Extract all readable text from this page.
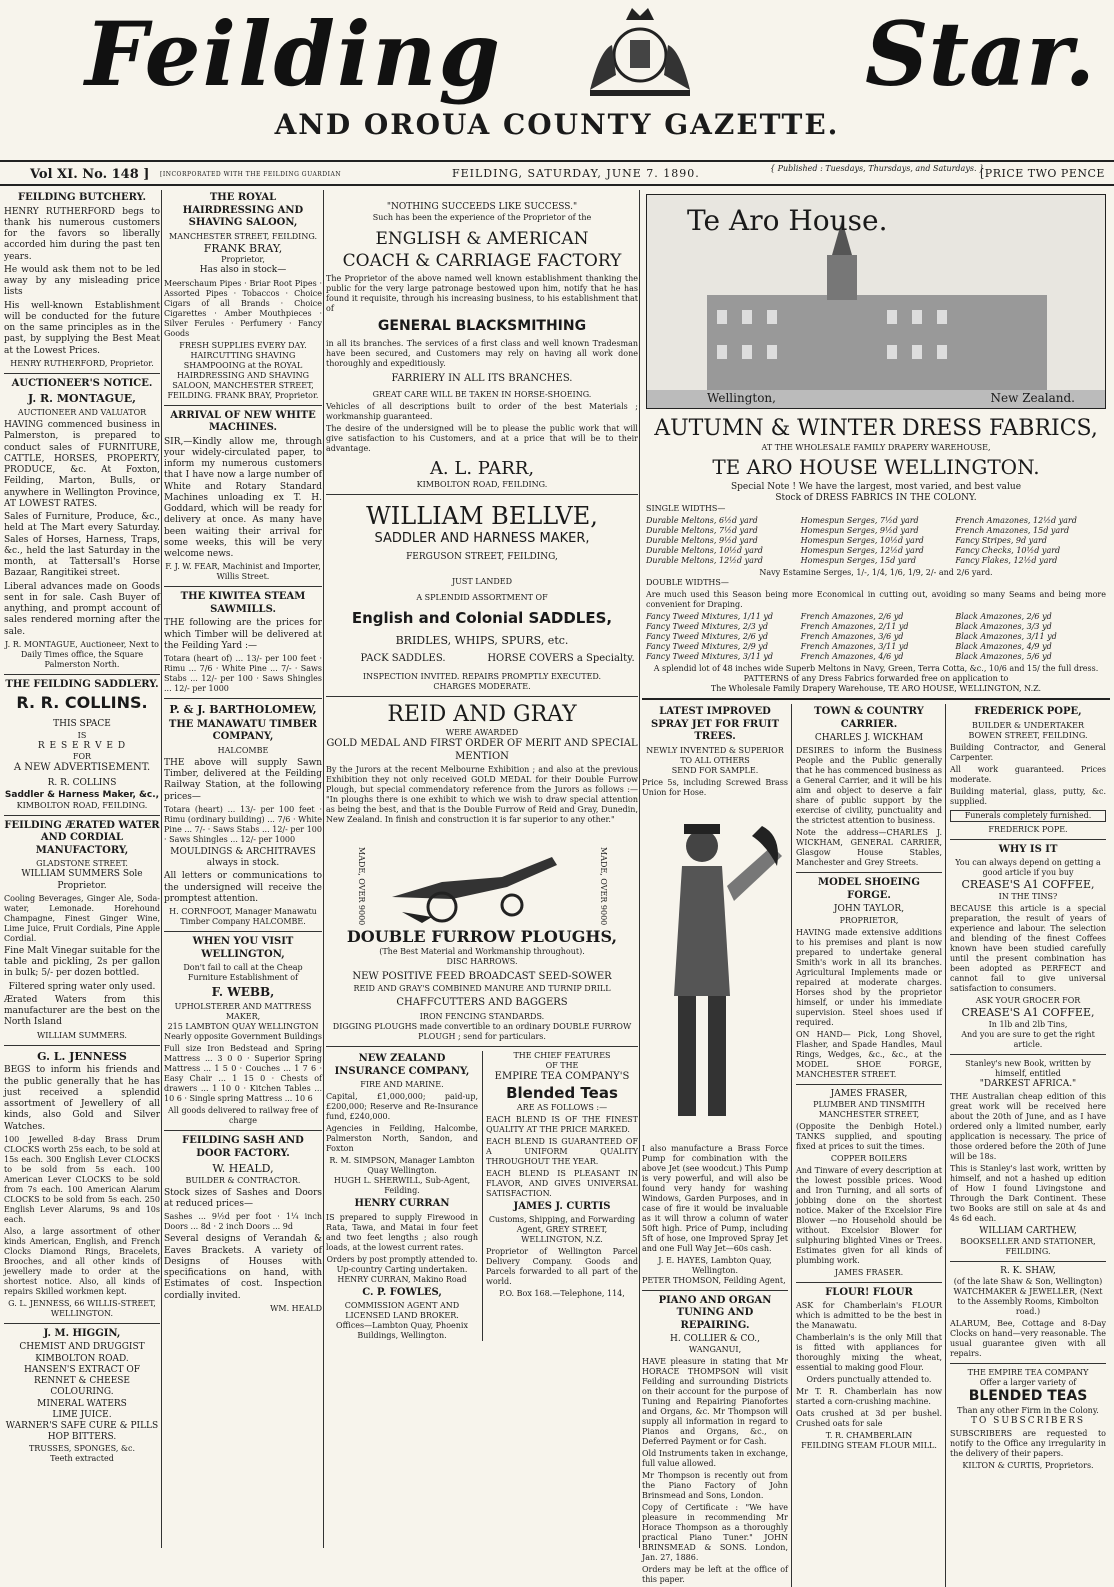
Feilding	Star.
AND OROUA COUNTY GAZETTE.
Vol XI. No. 148 ] [INCORPORATED WITH THE FEILDING GUARDIAN	FEILDING, SATURDAY, JUNE 7. 1890.	{ Published : Tuesdays, Thursdays, and Saturdays. }
[PRICE TWO PENCE
FEILDING BUTCHERY.
HENRY RUTHERFORD begs to thank his numerous customers for the favors so liberally accorded him during the past ten years.
He would ask them not to be led away by any misleading price lists
His well-known Establishment will be conducted for the future on the same principles as in the past, by supplying the Best Meat at the Lowest Prices.
HENRY RUTHERFORD, Proprietor.
AUCTIONEER'S NOTICE.
J. R. MONTAGUE,
AUCTIONEER AND VALUATOR
HAVING commenced business in Palmerston, is prepared to conduct sales of FURNITURE, CATTLE, HORSES, PROPERTY, PRODUCE, &c. At Foxton, Feilding, Marton, Bulls, or anywhere in Wellington Province, AT LOWEST RATES.
Sales of Furniture, Produce, &c., held at The Mart every Saturday. Sales of Horses, Harness, Traps, &c., held the last Saturday in the month, at Tattersall's Horse Bazaar, Rangitikei street.
Liberal advances made on Goods sent in for sale. Cash Buyer of anything, and prompt account of sales rendered morning after the sale.
J. R. MONTAGUE, Auctioneer, Next to Daily Times office, the Square Palmerston North.
THE FEILDING SADDLERY.
R. R. COLLINS.
THIS SPACE
IS
R E S E R V E D
FOR
A NEW ADVERTISEMENT.
R. R. COLLINS
Saddler & Harness Maker, &c.,
KIMBOLTON ROAD, FEILDING.
FEILDING ÆRATED WATER AND CORDIAL MANUFACTORY,
GLADSTONE STREET.
WILLIAM SUMMERS Sole Proprietor.
Cooling Beverages, Ginger Ale, Soda-water, Lemonade. Horehound Champagne, Finest Ginger Wine, Lime Juice, Fruit Cordials, Pine Apple Cordial.
Fine Malt Vinegar suitable for the table and pickling, 2s per gallon in bulk; 5/- per dozen bottled.
Filtered spring water only used.
Ærated Waters from this manufacturer are the best on the North Island
WILLIAM SUMMERS.
G. L. JENNESS
BEGS to inform his friends and the public generally that he has just received a splendid assortment of Jewellery of all kinds, also Gold and Silver Watches.
100 Jewelled 8-day Brass Drum CLOCKS worth 25s each, to be sold at 15s each. 300 English Lever CLOCKS to be sold from 5s each. 100 American Lever CLOCKS to be sold from 7s each. 100 American Alarum CLOCKS to be sold from 5s each. 250 English Lever Alarums, 9s and 10s each.
Also, a large assortment of other kinds American, English, and French Clocks Diamond Rings, Bracelets, Brooches, and all other kinds of jewellery made to order at the shortest notice. Also, all kinds of repairs Skilled workmen kept.
G. L. JENNESS, 66 WILLIS-STREET, WELLINGTON.
J. M. HIGGIN,
CHEMIST AND DRUGGIST KIMBOLTON ROAD.
HANSEN'S EXTRACT OF RENNET & CHEESE COLOURING.
MINERAL WATERS
LIME JUICE.
WARNER'S SAFE CURE & PILLS
HOP BITTERS.
TRUSSES, SPONGES, &c.
Teeth extracted
THE ROYAL HAIRDRESSING AND SHAVING SALOON,
MANCHESTER STREET, FEILDING.
FRANK BRAY,
Proprietor,
Has also in stock—
Meerschaum Pipes · Briar Root Pipes · Assorted Pipes · Tobaccos · Choice Cigars of all Brands · Choice Cigarettes · Amber Mouthpieces · Silver Ferules · Perfumery · Fancy Goods
FRESH SUPPLIES EVERY DAY.
HAIRCUTTING SHAVING SHAMPOOING at the ROYAL HAIRDRESSING AND SHAVING SALOON, MANCHESTER STREET, FEILDING. FRANK BRAY, Proprietor.
ARRIVAL OF NEW WHITE MACHINES.
SIR,—Kindly allow me, through your widely-circulated paper, to inform my numerous customers that I have now a large number of White and Rotary Standard Machines unloading ex T. H. Goddard, which will be ready for delivery at once. As many have been waiting their arrival for some weeks, this will be very welcome news.
F. J. W. FEAR, Machinist and Importer, Willis Street.
THE KIWITEA STEAM SAWMILLS.
THE following are the prices for which Timber will be delivered at the Feilding Yard :—
Totara (heart of) ... 13/- per 100 feet · Rimu ... 7/6 · White Pine ... 7/- · Saws Stabs ... 12/- per 100 · Saws Shingles ... 12/- per 1000
P. & J. BARTHOLOMEW,
THE MANAWATU TIMBER COMPANY,
HALCOMBE
THE above will supply Sawn Timber, delivered at the Feilding Railway Station, at the following prices—
Totara (heart) ... 13/- per 100 feet · Rimu (ordinary building) ... 7/6 · White Pine ... 7/- · Saws Stabs ... 12/- per 100 · Saws Shingles ... 12/- per 1000
MOULDINGS & ARCHITRAVES always in stock.
All letters or communications to the undersigned will receive the promptest attention.
H. CORNFOOT, Manager Manawatu Timber Company HALCOMBE.
WHEN YOU VISIT WELLINGTON,
Don't fail to call at the Cheap Furniture Establishment of
F. WEBB,
UPHOLSTERER AND MATTRESS MAKER,
215 LAMBTON QUAY WELLINGTON Nearly opposite Government Buildings
Full size Iron Bedstead and Spring Mattress ... 3 0 0 · Superior Spring Mattress ... 1 5 0 · Couches ... 1 7 6 · Easy Chair ... 1 15 0 · Chests of drawers ... 1 10 0 · Kitchen Tables ... 10 6 · Single spring Mattress ... 10 6
All goods delivered to railway free of charge
FEILDING SASH AND DOOR FACTORY.
W. HEALD,
BUILDER & CONTRACTOR.
Stock sizes of Sashes and Doors at reduced prices—
Sashes ... 9½d per foot · 1¼ inch Doors ... 8d · 2 inch Doors ... 9d
Several designs of Verandah & Eaves Brackets. A variety of Designs of Houses with specifications on hand, with Estimates of cost. Inspection cordially invited.
WM. HEALD
"NOTHING SUCCEEDS LIKE SUCCESS."
Such has been the experience of the Proprietor of the
ENGLISH & AMERICAN
COACH & CARRIAGE FACTORY
The Proprietor of the above named well known establishment thanking the public for the very large patronage bestowed upon him, notify that he has found it requisite, through his increasing business, to his establishment that of
GENERAL BLACKSMITHING
in all its branches. The services of a first class and well known Tradesman have been secured, and Customers may rely on having all work done thoroughly and expeditiously.
FARRIERY IN ALL ITS BRANCHES.
GREAT CARE WILL BE TAKEN IN HORSE-SHOEING.
Vehicles of all descriptions built to order of the best Materials ; workmanship guaranteed.
The desire of the undersigned will be to please the public work that will give satisfaction to his Customers, and at a price that will be to their advantage.
A. L. PARR,
KIMBOLTON ROAD, FEILDING.
WILLIAM BELLVE,
SADDLER AND HARNESS MAKER,
FERGUSON STREET, FEILDING,
JUST LANDED
A SPLENDID ASSORTMENT OF
English and Colonial SADDLES,
BRIDLES, WHIPS, SPURS, etc.
PACK SADDLES.	HORSE COVERS a Specialty.
INSPECTION INVITED. REPAIRS PROMPTLY EXECUTED.
CHARGES MODERATE.
REID AND GRAY
WERE AWARDED
GOLD MEDAL AND FIRST ORDER OF MERIT AND SPECIAL MENTION
By the Jurors at the recent Melbourne Exhibition ; and also at the previous Exhibition they not only received GOLD MEDAL for their Double Furrow Plough, but special commendatory reference from the Jurors as follows :— "In ploughs there is one exhibit to which we wish to draw special attention as being the best, and that is the Double Furrow of Reid and Gray, Dunedin, New Zealand. In finish and construction it is far superior to any other."
MADE, OVER 9000	MADE, OVER 9000
DOUBLE FURROW PLOUGHS,
(The Best Material and Workmanship throughout).
DISC HARROWS.
NEW POSITIVE FEED BROADCAST SEED-SOWER
REID AND GRAY'S COMBINED MANURE AND TURNIP DRILL
CHAFFCUTTERS AND BAGGERS
IRON FENCING STANDARDS.
DIGGING PLOUGHS made convertible to an ordinary DOUBLE FURROW PLOUGH ; send for particulars.
NEW ZEALAND INSURANCE COMPANY,
FIRE AND MARINE.
Capital, £1,000,000; paid-up, £200,000; Reserve and Re-Insurance fund, £240,000.
Agencies in Feilding, Halcombe, Palmerston North, Sandon, and Foxton
R. M. SIMPSON, Manager Lambton Quay Wellington.
HUGH L. SHERWILL, Sub-Agent, Feilding.
HENRY CURRAN
IS prepared to supply Firewood in Rata, Tawa, and Matai in four feet and two feet lengths ; also rough loads, at the lowest current rates.
Orders by post promptly attended to.
Up-country Carting undertaken. HENRY CURRAN, Makino Road
C. P. FOWLES,
COMMISSION AGENT AND LICENSED LAND BROKER.
Offices—Lambton Quay, Phoenix Buildings, Wellington.
THE CHIEF FEATURES
OF THE
EMPIRE TEA COMPANY'S
Blended Teas
ARE AS FOLLOWS :—
EACH BLEND IS OF THE FINEST QUALITY AT THE PRICE MARKED.
EACH BLEND IS GUARANTEED OF A UNIFORM QUALITY THROUGHOUT THE YEAR.
EACH BLEND IS PLEASANT IN FLAVOR, AND GIVES UNIVERSAL SATISFACTION.
JAMES J. CURTIS
Customs, Shipping, and Forwarding Agent, GREY STREET, WELLINGTON, N.Z.
Proprietor of Wellington Parcel Delivery Company. Goods and Parcels forwarded to all part of the world.
P.O. Box 168.—Telephone, 114,
Te Aro House.
Wellington,	New Zealand.
AUTUMN & WINTER DRESS FABRICS,
AT THE WHOLESALE FAMILY DRAPERY WAREHOUSE,
TE ARO HOUSE WELLINGTON.
Special Note ! We have the largest, most varied, and best value Stock of DRESS FABRICS IN THE COLONY.
SINGLE WIDTHS—
Durable Meltons, 6½d yard	Homespun Serges, 7½d yard	French Amazones, 12½d yard
Durable Meltons, 7½d yard	Homespun Serges, 9½d yard	French Amazones, 15d yard
Durable Meltons, 9½d yard	Homespun Serges, 10½d yard	Fancy Stripes, 9d yard
Durable Meltons, 10½d yard	Homespun Serges, 12½d yard	Fancy Checks, 10½d yard
Durable Meltons, 12½d yard	Homespun Serges, 15d yard	Fancy Flakes, 12½d yard
Navy Estamine Serges, 1/-, 1/4, 1/6, 1/9, 2/- and 2/6 yard.
DOUBLE WIDTHS—
Are much used this Season being more Economical in cutting out, avoiding so many Seams and being more convenient for Draping.
Fancy Tweed Mixtures, 1/11 yd	French Amazones, 2/6 yd	Black Amazones, 2/6 yd
Fancy Tweed Mixtures, 2/3 yd	French Amazones, 2/11 yd	Black Amazones, 3/3 yd
Fancy Tweed Mixtures, 2/6 yd	French Amazones, 3/6 yd	Black Amazones, 3/11 yd
Fancy Tweed Mixtures, 2/9 yd	French Amazones, 3/11 yd	Black Amazones, 4/9 yd
Fancy Tweed Mixtures, 3/11 yd	French Amazones, 4/6 yd	Black Amazones, 5/6 yd
A splendid lot of 48 inches wide Superb Meltons in Navy, Green, Terra Cotta, &c., 10/6 and 15/ the full dress.
PATTERNS of any Dress Fabrics forwarded free on application to
The Wholesale Family Drapery Warehouse, TE ARO HOUSE, WELLINGTON, N.Z.
LATEST IMPROVED SPRAY JET FOR FRUIT TREES.
NEWLY INVENTED & SUPERIOR TO ALL OTHERS
SEND FOR SAMPLE.
Price 5s, including Screwed Brass Union for Hose.
I also manufacture a Brass Force Pump for combination with the above Jet (see woodcut.) This Pump is very powerful, and will also be found very handy for washing Windows, Garden Purposes, and in case of fire it would be invaluable as it will throw a column of water 50ft high. Price of Pump, including 5ft of hose, one Improved Spray Jet and one Full Way Jet—60s cash.
J. E. HAYES, Lambton Quay, Wellington.
PETER THOMSON, Feilding Agent,
PIANO AND ORGAN TUNING AND REPAIRING.
H. COLLIER & CO.,
WANGANUI,
HAVE pleasure in stating that Mr HORACE THOMPSON will visit Feilding and surrounding Districts on their account for the purpose of Tuning and Repairing Pianofortes and Organs, &c. Mr Thompson will supply all information in regard to Pianos and Organs, &c., on Deferred Payment or for Cash.
Old Instruments taken in exchange, full value allowed.
Mr Thompson is recently out from the Piano Factory of John Brinsmead and Sons, London.
Copy of Certificate : "We have pleasure in recommending Mr Horace Thompson as a thoroughly practical Piano Tuner." JOHN BRINSMEAD & SONS. London, Jan. 27, 1886.
Orders may be left at the office of this paper.
TOWN & COUNTRY CARRIER.
CHARLES J. WICKHAM
DESIRES to inform the Business People and the Public generally that he has commenced business as a General Carrier, and it will be his aim and object to deserve a fair share of public support by the exercise of civility, punctuality and the strictest attention to business.
Note the address—CHARLES J. WICKHAM, GENERAL CARRIER, Glasgow House Stables, Manchester and Grey Streets.
MODEL SHOEING FORGE.
JOHN TAYLOR,
PROPRIETOR,
HAVING made extensive additions to his premises and plant is now prepared to undertake general Smith's work in all its branches. Agricultural Implements made or repaired at moderate charges. Horses shod by the proprietor himself, or under his immediate supervision. Steel shoes used if required.
ON HAND— Pick, Long Shovel, Flasher, and Spade Handles, Maul Rings, Wedges, &c., &c., at the MODEL SHOE FORGE, MANCHESTER STREET.
JAMES FRASER,
PLUMBER AND TINSMITH
MANCHESTER STREET,
(Opposite the Denbigh Hotel.) TANKS supplied, and spouting fixed at prices to suit the times.
COPPER BOILERS
And Tinware of every description at the lowest possible prices. Wood and Iron Turning, and all sorts of jobbing done on the shortest notice. Maker of the Excelsior Fire Blower —no Household should be without. Excelsior Blower for sulphuring blighted Vines or Trees. Estimates given for all kinds of plumbing work.
JAMES FRASER.
FLOUR! FLOUR
ASK for Chamberlain's FLOUR which is admitted to be the best in the Manawatu.
Chamberlain's is the only Mill that is fitted with appliances for thoroughly mixing the wheat, essential to making good Flour.
Orders punctually attended to.
Mr T. R. Chamberlain has now started a corn-crushing machine.
Oats crushed at 3d per bushel. Crushed oats for sale
T. R. CHAMBERLAIN
FEILDING STEAM FLOUR MILL.
FREDERICK POPE,
BUILDER & UNDERTAKER
BOWEN STREET, FEILDING.
Building Contractor, and General Carpenter.
All work guaranteed. Prices moderate.
Building material, glass, putty, &c. supplied.
Funerals completely furnished.
FREDERICK POPE.
WHY IS IT
You can always depend on getting a good article if you buy
CREASE'S A1 COFFEE,
IN THE TINS?
BECAUSE this article is a special preparation, the result of years of experience and labour. The selection and blending of the finest Coffees known have been studied carefully until the present combination has been adopted as PERFECT and cannot fail to give universal satisfaction to consumers.
ASK YOUR GROCER FOR
CREASE'S A1 COFFEE,
In 1lb and 2lb Tins,
And you are sure to get the right article.
Stanley's new Book, written by himself, entitled
"DARKEST AFRICA."
THE Australian cheap edition of this great work will be received here about the 20th of June, and as I have ordered only a limited number, early application is necessary. The price of those ordered before the 20th of June will be 18s.
This is Stanley's last work, written by himself, and not a hashed up edition of How I found Livingstone and Through the Dark Continent. These two Books are still on sale at 4s and 4s 6d each.
WILLIAM CARTHEW,
BOOKSELLER AND STATIONER, FEILDING.
R. K. SHAW,
(of the late Shaw & Son, Wellington) WATCHMAKER & JEWELLER, (Next to the Assembly Rooms, Kimbolton road.)
ALARUM, Bee, Cottage and 8-Day Clocks on hand—very reasonable. The usual guarantee given with all repairs.
THE EMPIRE TEA COMPANY
Offer a larger variety of
BLENDED TEAS
Than any other Firm in the Colony.
TO SUBSCRIBERS
SUBSCRIBERS are requested to notify to the Office any irregularity in the delivery of their papers.
KILTON & CURTIS, Proprietors.
